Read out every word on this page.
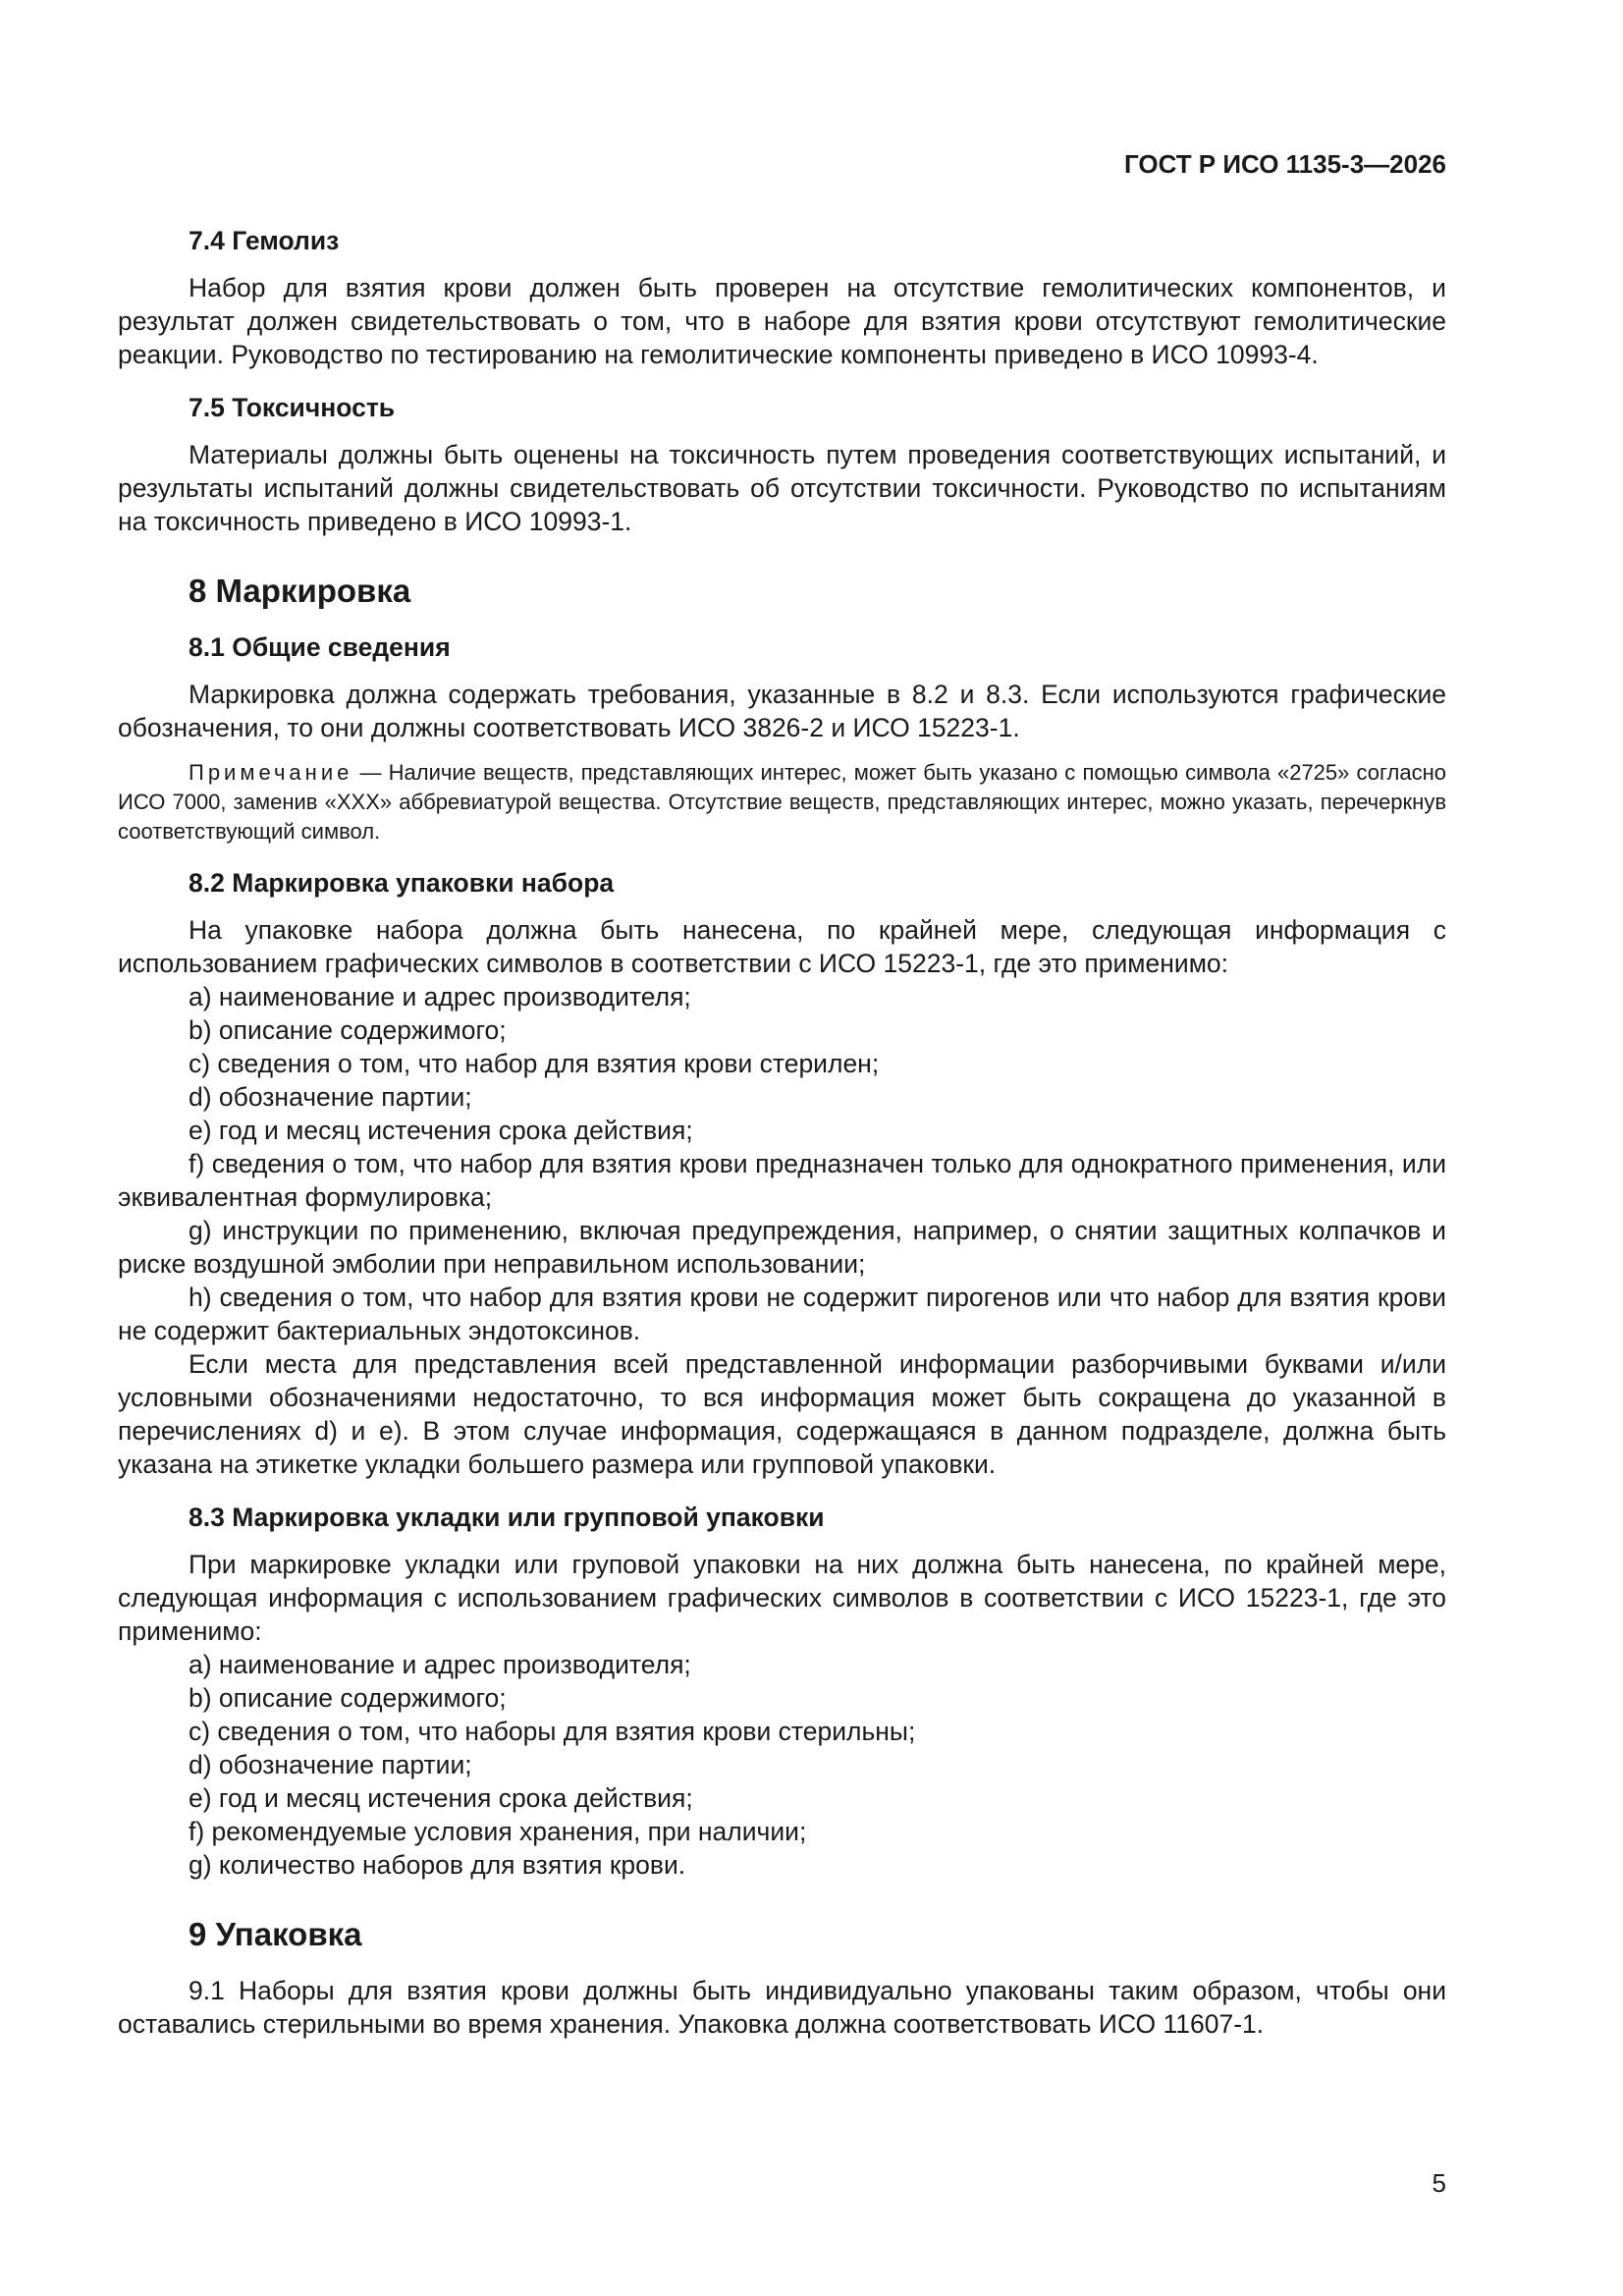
ГОСТ Р ИСО 1135-3—2026

7.4 Гемолиз

Набор для взятия крови должен быть проверен на отсутствие гемолитических компонентов, и результат должен свидетельствовать о том, что в наборе для взятия крови отсутствуют гемолитические реакции. Руководство по тестированию на гемолитические компоненты приведено в ИСО 10993-4.

7.5 Токсичность

Материалы должны быть оценены на токсичность путем проведения соответствующих испытаний, и результаты испытаний должны свидетельствовать об отсутствии токсичности. Руководство по испытаниям на токсичность приведено в ИСО 10993-1.

8 Маркировка

8.1 Общие сведения

Маркировка должна содержать требования, указанные в 8.2 и 8.3. Если используются графические обозначения, то они должны соответствовать ИСО 3826-2 и ИСО 15223-1.

Примечание — Наличие веществ, представляющих интерес, может быть указано с помощью символа «2725» согласно ИСО 7000, заменив «XXX» аббревиатурой вещества. Отсутствие веществ, представляющих интерес, можно указать, перечеркнув соответствующий символ.

8.2 Маркировка упаковки набора

На упаковке набора должна быть нанесена, по крайней мере, следующая информация с использованием графических символов в соответствии с ИСО 15223-1, где это применимо:

a) наименование и адрес производителя;

b) описание содержимого;

c) сведения о том, что набор для взятия крови стерилен;

d) обозначение партии;

e) год и месяц истечения срока действия;

f) сведения о том, что набор для взятия крови предназначен только для однократного применения, или эквивалентная формулировка;

g) инструкции по применению, включая предупреждения, например, о снятии защитных колпачков и риске воздушной эмболии при неправильном использовании;

h) сведения о том, что набор для взятия крови не содержит пирогенов или что набор для взятия крови не содержит бактериальных эндотоксинов.

Если места для представления всей представленной информации разборчивыми буквами и/или условными обозначениями недостаточно, то вся информация может быть сокращена до указанной в перечислениях d) и e). В этом случае информация, содержащаяся в данном подразделе, должна быть указана на этикетке укладки большего размера или групповой упаковки.

8.3 Маркировка укладки или групповой упаковки

При маркировке укладки или груповой упаковки на них должна быть нанесена, по крайней мере, следующая информация с использованием графических символов в соответствии с ИСО 15223-1, где это применимо:

a) наименование и адрес производителя;

b) описание содержимого;

c) сведения о том, что наборы для взятия крови стерильны;

d) обозначение партии;

e) год и месяц истечения срока действия;

f) рекомендуемые условия хранения, при наличии;

g) количество наборов для взятия крови.

9 Упаковка

9.1 Наборы для взятия крови должны быть индивидуально упакованы таким образом, чтобы они оставались стерильными во время хранения. Упаковка должна соответствовать ИСО 11607-1.

5
